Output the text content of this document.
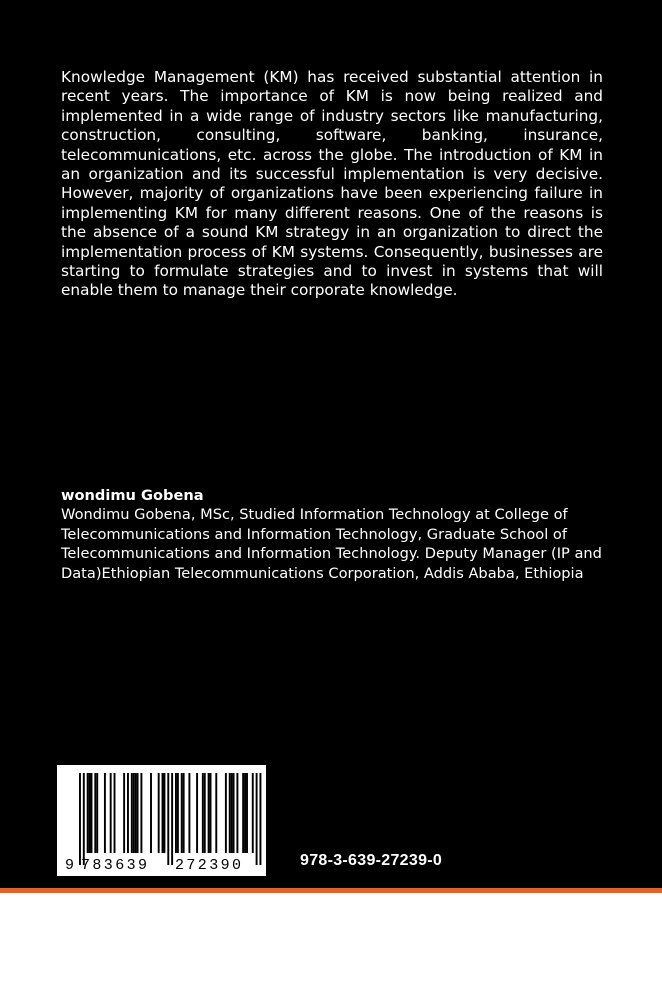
Knowledge Management (KM) has received substantial attention in recent years. The importance of KM is now being realized and implemented in a wide range of industry sectors like manufacturing, construction, consulting, software, banking, insurance, telecommunications, etc. across the globe. The introduction of KM in an organization and its successful implementation is very decisive. However, majority of organizations have been experiencing failure in implementing KM for many different reasons. One of the reasons is the absence of a sound KM strategy in an organization to direct the implementation process of KM systems. Consequently, businesses are starting to formulate strategies and to invest in systems that will enable them to manage their corporate knowledge.

wondimu Gobena

Wondimu Gobena, MSc, Studied Information Technology at College of Telecommunications and Information Technology, Graduate School of Telecommunications and Information Technology. Deputy Manager (IP and Data)Ethiopian Telecommunications Corporation, Addis Ababa, Ethiopia

9 783639 272390	978-3-639-27239-0
